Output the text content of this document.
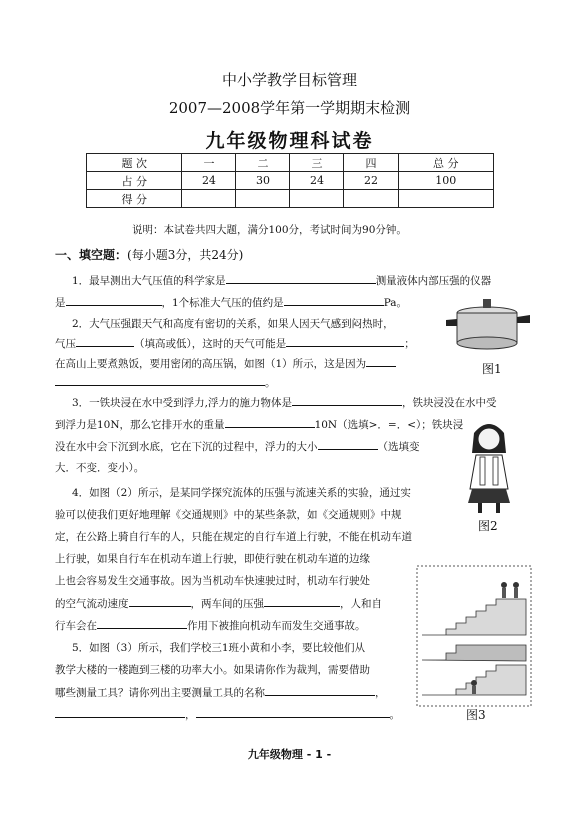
中小学教学目标管理
2007—2008学年第一学期期末检测
九年级物理科试卷
题 次	一	二	三	四	总 分
占 分	24	30	24	22	100
得 分					
说明：本试卷共四大题，满分100分，考试时间为90分钟。
一、填空题：(每小题3分，共24分)
1．最早测出大气压值的科学家是	测量液体内部压强的仪器
是	，1个标准大气压的值约是	Pa。
2．大气压强跟天气和高度有密切的关系，如果人因天气感到闷热时，
气压	（填高或低），这时的天气可能是	；
在高山上要煮熟饭，要用密闭的高压锅，如图（1）所示，这是因为
。
图1
3．一铁块浸在水中受到浮力,浮力的施力物体是	，铁块浸没在水中受
到浮力是10N，那么它排开水的重量	10N（选填>．=．<）；铁块浸
没在水中会下沉到水底，它在下沉的过程中，浮力的大小	（选填变
大．不变．变小）。
图2
4．如图（2）所示，是某同学探究流体的压强与流速关系的实验，通过实
验可以使我们更好地理解《交通规则》中的某些条款，如《交通规则》中规
定，在公路上骑自行车的人，只能在规定的自行车道上行驶，不能在机动车道
上行驶，如果自行车在机动车道上行驶，即使行驶在机动车道的边缘
上也会容易发生交通事故。因为当机动车快速驶过时，机动车行驶处
的空气流动速度	，两车间的压强	，人和自
行车会在	作用下被推向机动车而发生交通事故。
图3
5．如图（3）所示，我们学校三1班小黄和小李，要比较他们从
教学大楼的一楼跑到三楼的功率大小。如果请你作为裁判，需要借助
哪些测量工具？请你列出主要测量工具的名称	，
，	。
九年级物理 - 1 -
